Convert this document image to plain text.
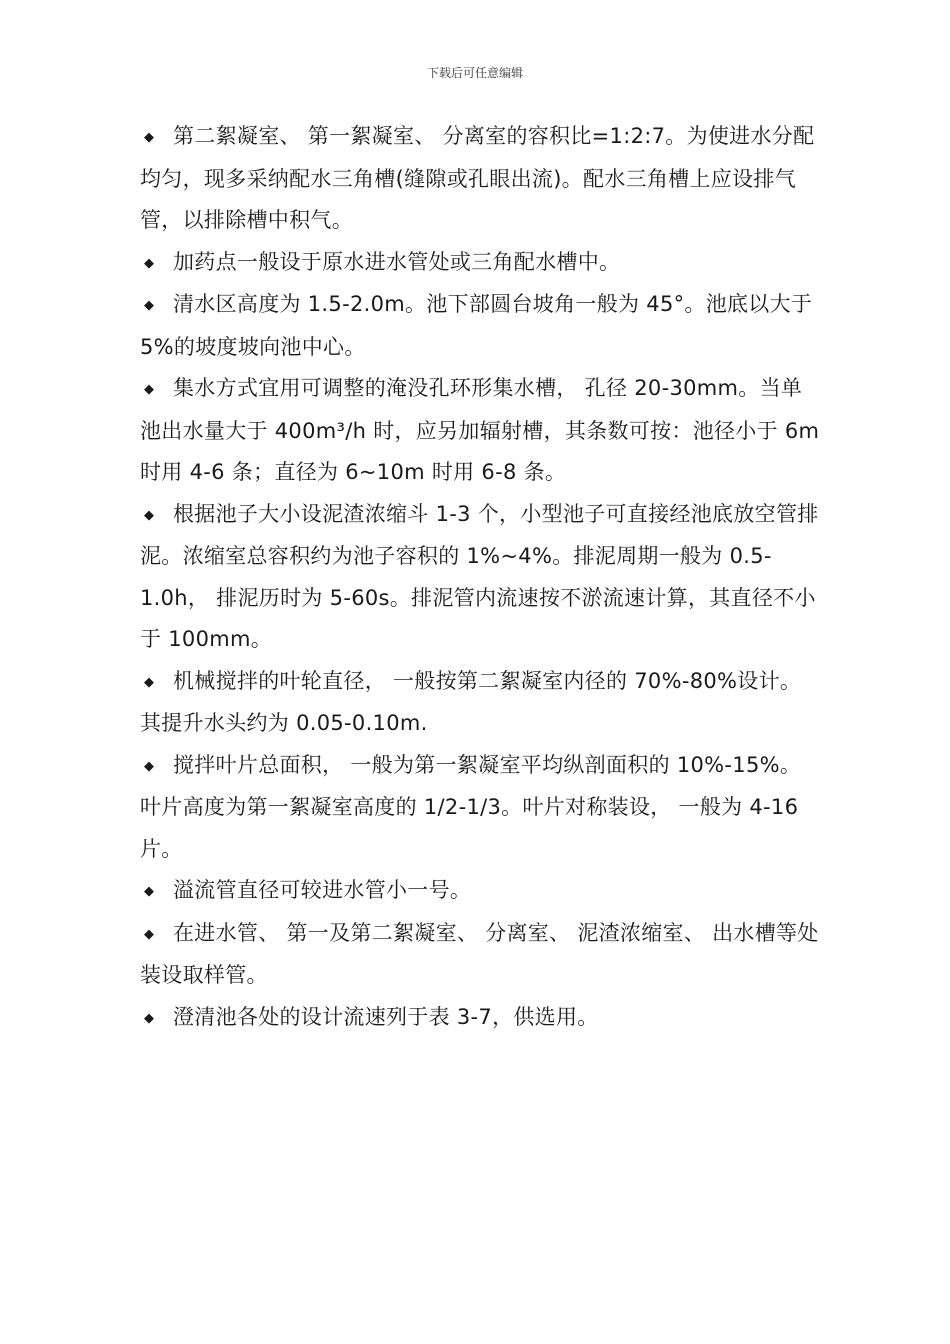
下载后可任意编辑

◆ 第二絮凝室、 第一絮凝室、 分离室的容积比=1:2:7。为使进水分配均匀，现多采纳配水三角槽(缝隙或孔眼出流)。配水三角槽上应设排气管，以排除槽中积气。

◆ 加药点一般设于原水进水管处或三角配水槽中。

◆ 清水区高度为 1.5-2.0m。池下部圆台坡角一般为 45°。池底以大于 5%的坡度坡向池中心。

◆ 集水方式宜用可调整的淹没孔环形集水槽， 孔径 20-30mm。当单池出水量大于 400m³/h 时，应另加辐射槽，其条数可按：池径小于 6m 时用 4-6 条；直径为 6~10m 时用 6-8 条。

◆ 根据池子大小设泥渣浓缩斗 1-3 个，小型池子可直接经池底放空管排泥。浓缩室总容积约为池子容积的 1%~4%。排泥周期一般为 0.5-1.0h， 排泥历时为 5-60s。排泥管内流速按不淤流速计算，其直径不小于 100mm。

◆ 机械搅拌的叶轮直径， 一般按第二絮凝室内径的 70%-80%设计。其提升水头约为 0.05-0.10m.

◆ 搅拌叶片总面积， 一般为第一絮凝室平均纵剖面积的 10%-15%。叶片高度为第一絮凝室高度的 1/2-1/3。叶片对称装设， 一般为 4-16 片。

◆ 溢流管直径可较进水管小一号。

◆ 在进水管、 第一及第二絮凝室、 分离室、 泥渣浓缩室、 出水槽等处装设取样管。

◆ 澄清池各处的设计流速列于表 3-7，供选用。
